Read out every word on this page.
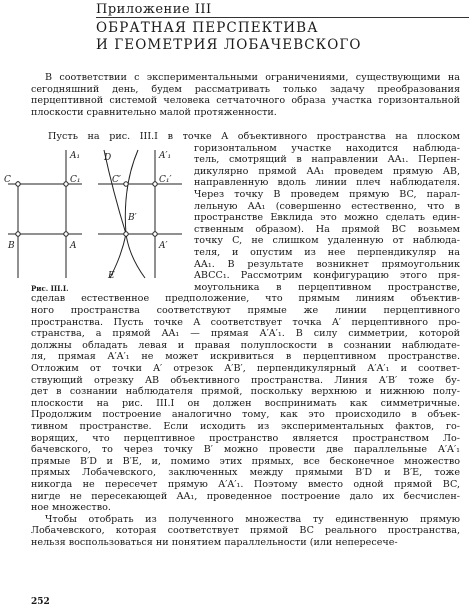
Приложение III
ОБРАТНАЯ ПЕРСПЕКТИВА
И ГЕОМЕТРИЯ ЛОБАЧЕВСКОГО
В соответствии с экспериментальными ограничениями, существующими на сегодняшний день, будем рассматривать только задачу преобразования перцептивной системой человека сетчаточного образа участка горизонтальной плоскости сравнительно малой протяженности.
A₁
C	C₁
B	A
A′₁
C′	C₁′
D
B′
A′
E
Рис. III.I.
Пусть на рис. III.I в точке A объективного пространства на плоском
горизонтальном участке находится наблюда-
тель, смотрящий в направлении AA₁. Перпен-
дикулярно прямой AA₁ проведем прямую AB,
направленную вдоль линии плеч наблюдателя.
Через точку B проведем прямую BC, парал-
лельную AA₁ (совершенно естественно, что в
пространстве Евклида это можно сделать един-
ственным образом). На прямой BC возьмем
точку C, не слишком удаленную от наблюда-
теля, и опустим из нее перпендикуляр на
AA₁. В результате возникнет прямоугольник
ABCC₁. Рассмотрим конфигурацию этого пря-
моугольника в перцептивном пространстве,
сделав естественное предположение, что прямым линиям объектив-
ного пространства соответствуют прямые же линии перцептивного
пространства. Пусть точке A соответствует точка A′ перцептивного про-
странства, а прямой AA₁ — прямая A′A′₁. В силу симметрии, которой
должны обладать левая и правая полуплоскости в сознании наблюдате-
ля, прямая A′A′₁ не может искривиться в перцептивном пространстве.
Отложим от точки A′ отрезок A′B′, перпендикулярный A′A′₁ и соответ-
ствующий отрезку AB объективного пространства. Линия A′B′ тоже бу-
дет в сознании наблюдателя прямой, поскольку верхнюю и нижнюю полу-
плоскости на рис. III.I он должен воспринимать как симметричные.
Продолжим построение аналогично тому, как это происходило в объек-
тивном пространстве. Если исходить из экспериментальных фактов, го-
ворящих, что перцептивное пространство является пространством Ло-
бачевского, то через точку B′ можно провести две параллельные A′A′₁
прямые B′D и B′E, и, помимо этих прямых, все бесконечное множество
прямых Лобачевского, заключенных между прямыми B′D и B′E, тоже
никогда не пересечет прямую A′A′₁. Поэтому вместо одной прямой BC,
нигде не пересекающей AA₁, проведенное построение дало их бесчислен-
ное множество.
Чтобы отобрать из полученного множества ту единственную прямую
Лобачевского, которая соответствует прямой BC реального пространства,
нельзя воспользоваться ни понятием параллельности (или непересече-
252
